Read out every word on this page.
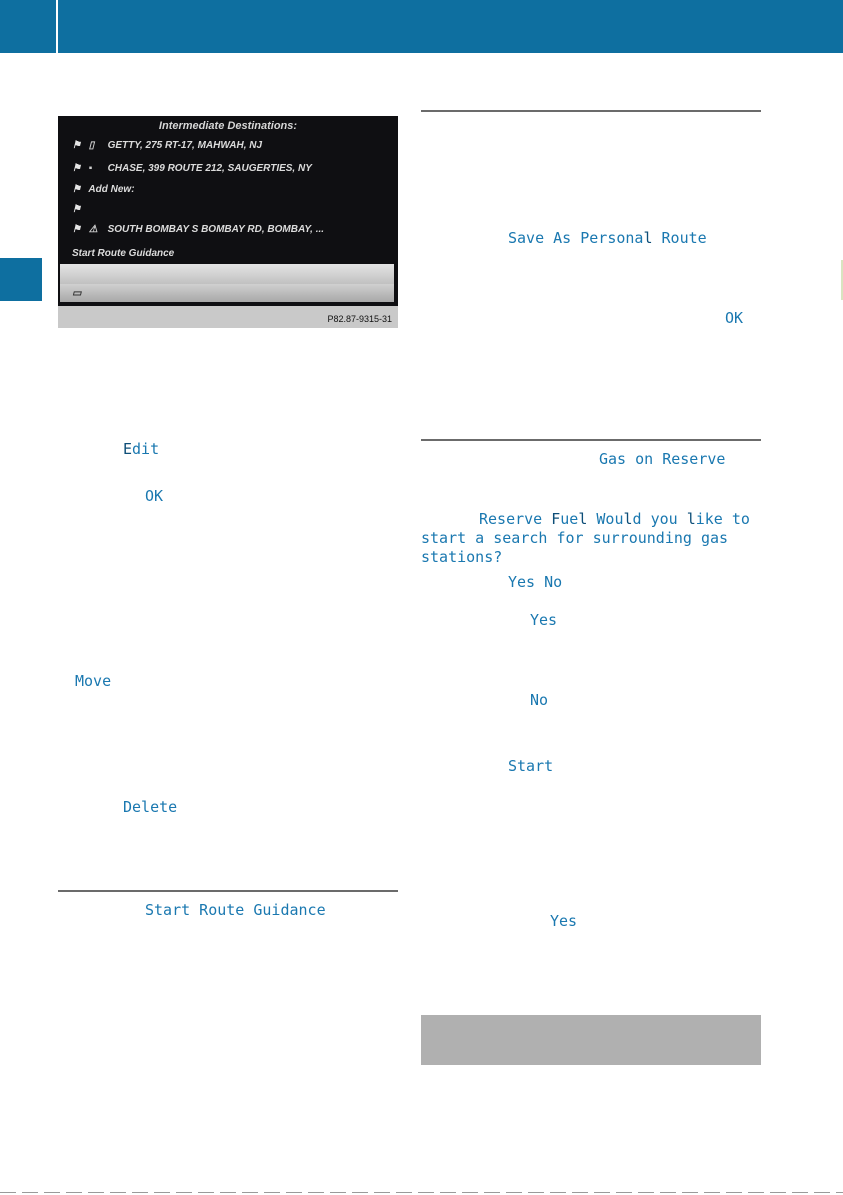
Intermediate Destinations:
⚑ ▯ GETTY, 275 RT-17, MAHWAH, NJ
⚑ ▪ CHASE, 399 ROUTE 212, SAUGERTIES, NY
⚑ Add New:
⚑
⚑ ⚠ SOUTH BOMBAY S BOMBAY RD, BOMBAY, ...
Start Route Guidance
▭
P82.87-9315-31
Edit
OK
Move
Delete
Start Route Guidance
Save As Personal Route
OK
Gas on Reserve

Reserve Fuel Would you like to start a search for surrounding gas stations?

Yes No
Yes
No
Start
Yes
